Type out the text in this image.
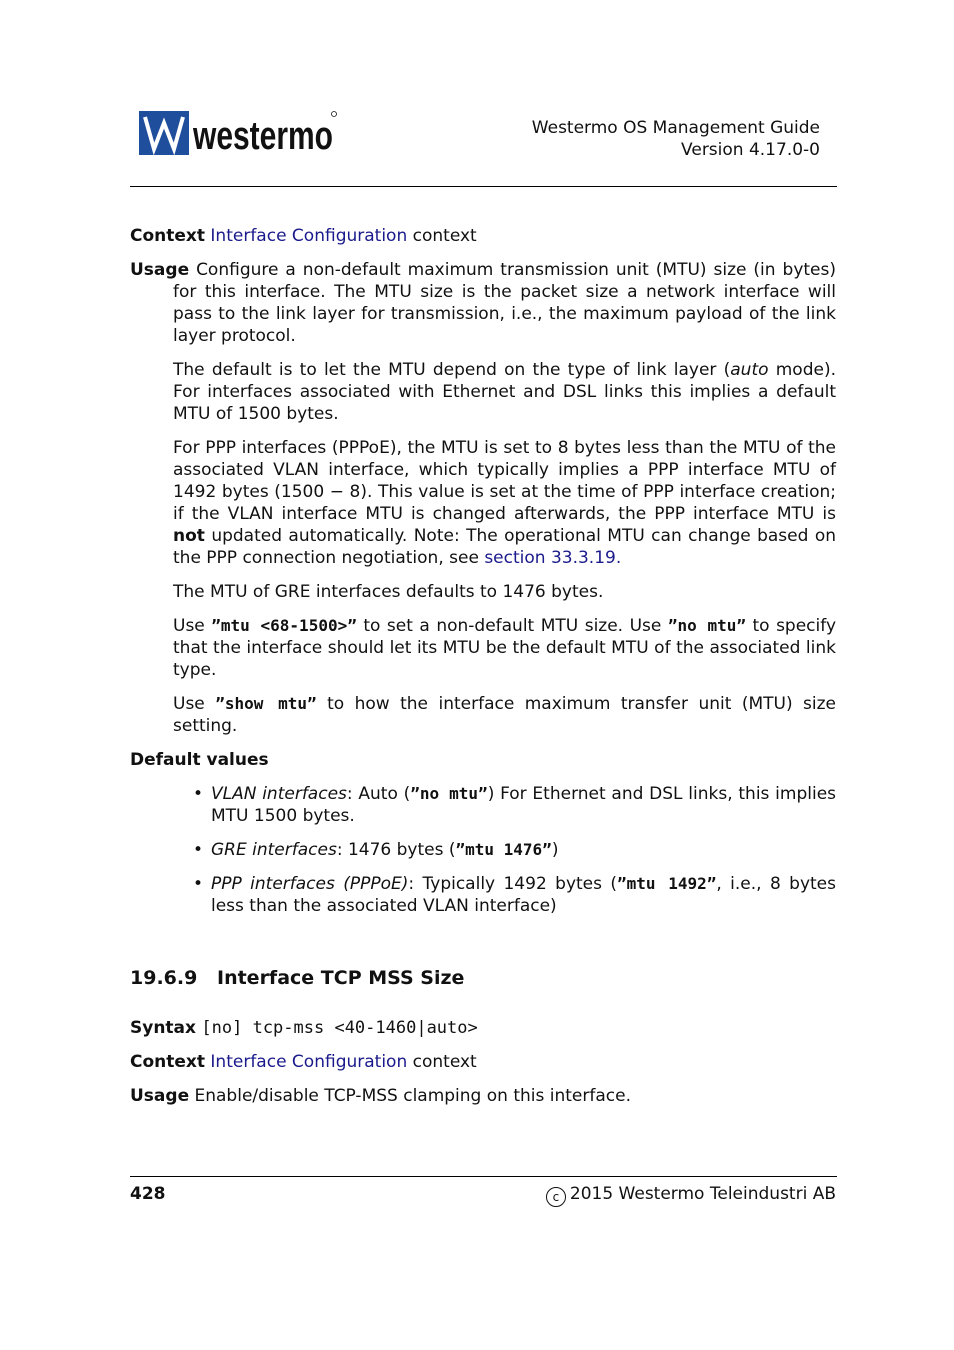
westermo	Westermo OS Management Guide
Version 4.17.0-0
Context Interface Configuration context
Usage Configure a non-default maximum transmission unit (MTU) size (in bytes) for this interface. The MTU size is the packet size a network interface will pass to the link layer for transmission, i.e., the maximum payload of the link layer protocol.

The default is to let the MTU depend on the type of link layer (auto mode). For interfaces associated with Ethernet and DSL links this implies a default MTU of 1500 bytes.

For PPP interfaces (PPPoE), the MTU is set to 8 bytes less than the MTU of the associated VLAN interface, which typically implies a PPP interface MTU of 1492 bytes (1500 − 8). This value is set at the time of PPP interface creation; if the VLAN interface MTU is changed afterwards, the PPP interface MTU is not updated automatically. Note: The operational MTU can change based on the PPP connection negotiation, see section 33.3.19.

The MTU of GRE interfaces defaults to 1476 bytes.

Use ”mtu <68-1500>” to set a non-default MTU size. Use ”no mtu” to specify that the interface should let its MTU be the default MTU of the associated link type.

Use ”show mtu” to how the interface maximum transfer unit (MTU) size setting.

Default values
• VLAN interfaces: Auto (”no mtu”) For Ethernet and DSL links, this implies MTU 1500 bytes.
• GRE interfaces: 1476 bytes (”mtu 1476”)
• PPP interfaces (PPPoE): Typically 1492 bytes (”mtu 1492”, i.e., 8 bytes less than the associated VLAN interface)
19.6.9 Interface TCP MSS Size
Syntax [no] tcp-mss <40-1460|auto>
Context Interface Configuration context
Usage Enable/disable TCP-MSS clamping on this interface.
428	c 2015 Westermo Teleindustri AB
